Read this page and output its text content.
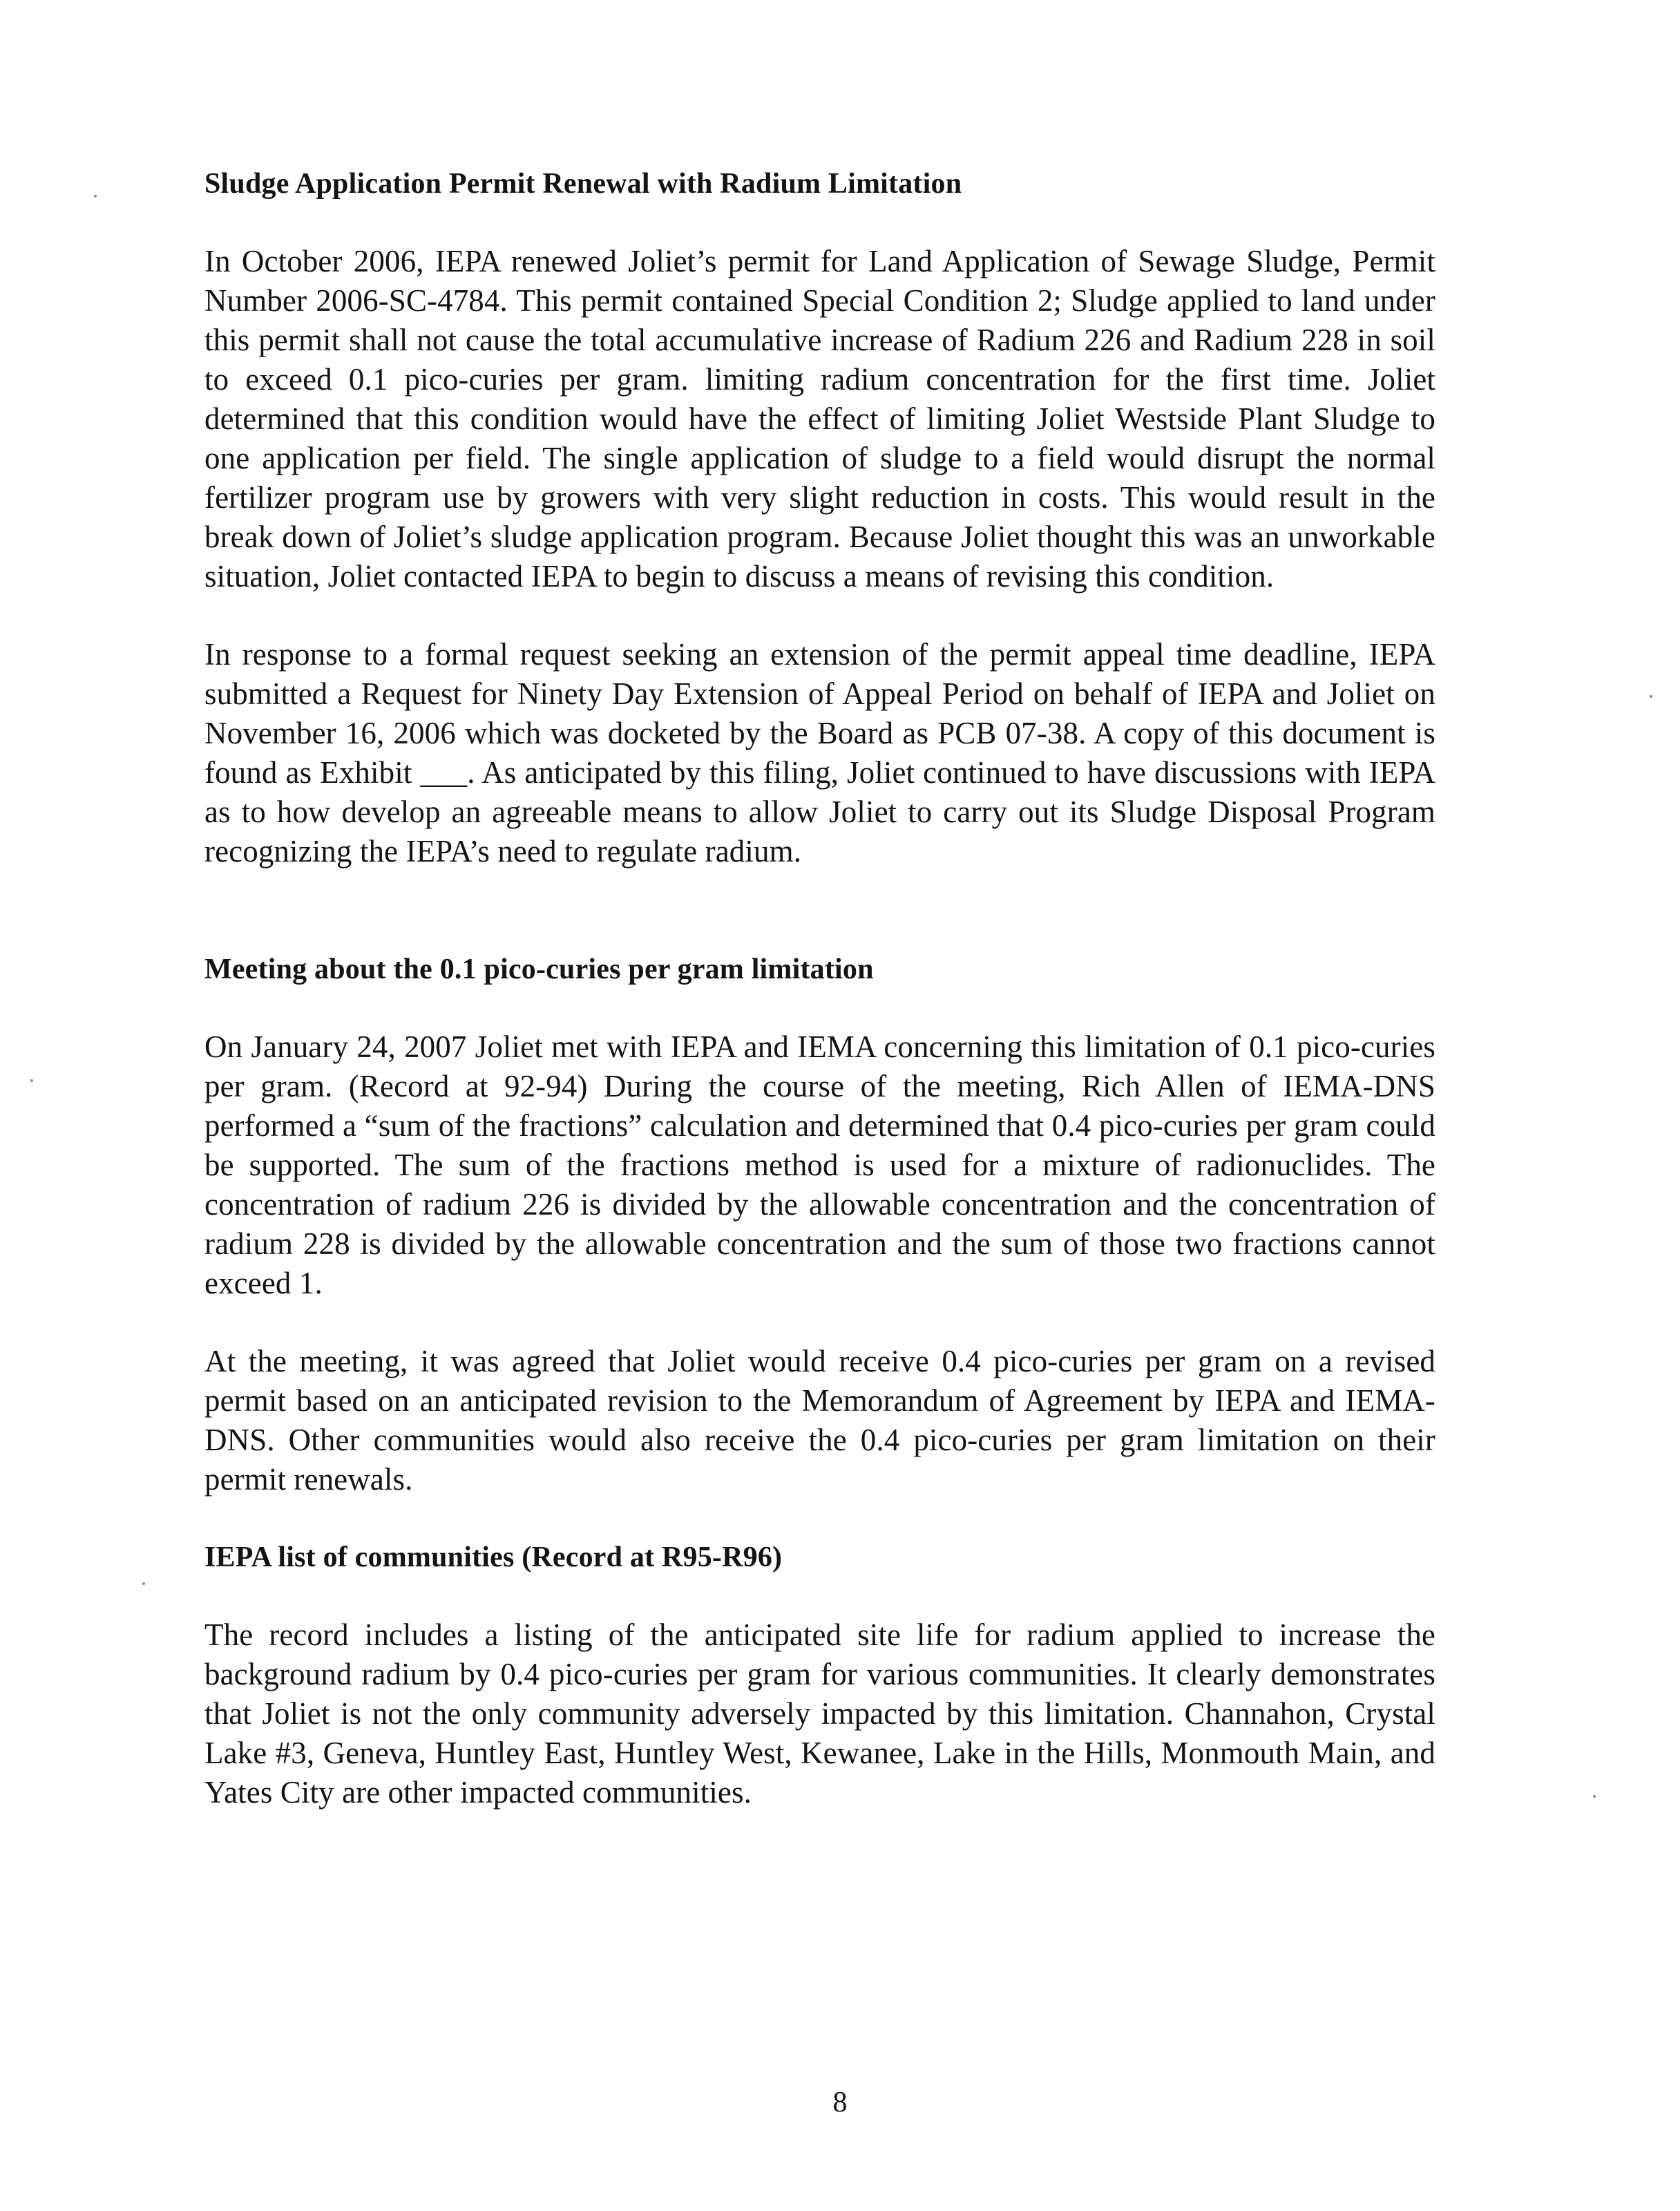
Sludge Application Permit Renewal with Radium Limitation

In October 2006, IEPA renewed Joliet’s permit for Land Application of Sewage Sludge, Permit Number 2006-SC-4784. This permit contained Special Condition 2; Sludge applied to land under this permit shall not cause the total accumulative increase of Radium 226 and Radium 228 in soil to exceed 0.1 pico-curies per gram. limiting radium concentration for the first time. Joliet determined that this condition would have the effect of limiting Joliet Westside Plant Sludge to one application per field. The single application of sludge to a field would disrupt the normal fertilizer program use by growers with very slight reduction in costs. This would result in the break down of Joliet’s sludge application program. Because Joliet thought this was an unworkable situation, Joliet contacted IEPA to begin to discuss a means of revising this condition.

In response to a formal request seeking an extension of the permit appeal time deadline, IEPA submitted a Request for Ninety Day Extension of Appeal Period on behalf of IEPA and Joliet on November 16, 2006 which was docketed by the Board as PCB 07-38. A copy of this document is found as Exhibit ___. As anticipated by this filing, Joliet continued to have discussions with IEPA as to how develop an agreeable means to allow Joliet to carry out its Sludge Disposal Program recognizing the IEPA’s need to regulate radium.

Meeting about the 0.1 pico-curies per gram limitation

On January 24, 2007 Joliet met with IEPA and IEMA concerning this limitation of 0.1 pico-curies per gram. (Record at 92-94) During the course of the meeting, Rich Allen of IEMA-DNS performed a “sum of the fractions” calculation and determined that 0.4 pico-curies per gram could be supported. The sum of the fractions method is used for a mixture of radionuclides. The concentration of radium 226 is divided by the allowable concentration and the concentration of radium 228 is divided by the allowable concentration and the sum of those two fractions cannot exceed 1.

At the meeting, it was agreed that Joliet would receive 0.4 pico-curies per gram on a revised permit based on an anticipated revision to the Memorandum of Agreement by IEPA and IEMA-DNS. Other communities would also receive the 0.4 pico-curies per gram limitation on their permit renewals.

IEPA list of communities (Record at R95-R96)

The record includes a listing of the anticipated site life for radium applied to increase the background radium by 0.4 pico-curies per gram for various communities. It clearly demonstrates that Joliet is not the only community adversely impacted by this limitation. Channahon, Crystal Lake #3, Geneva, Huntley East, Huntley West, Kewanee, Lake in the Hills, Monmouth Main, and Yates City are other impacted communities.

8
